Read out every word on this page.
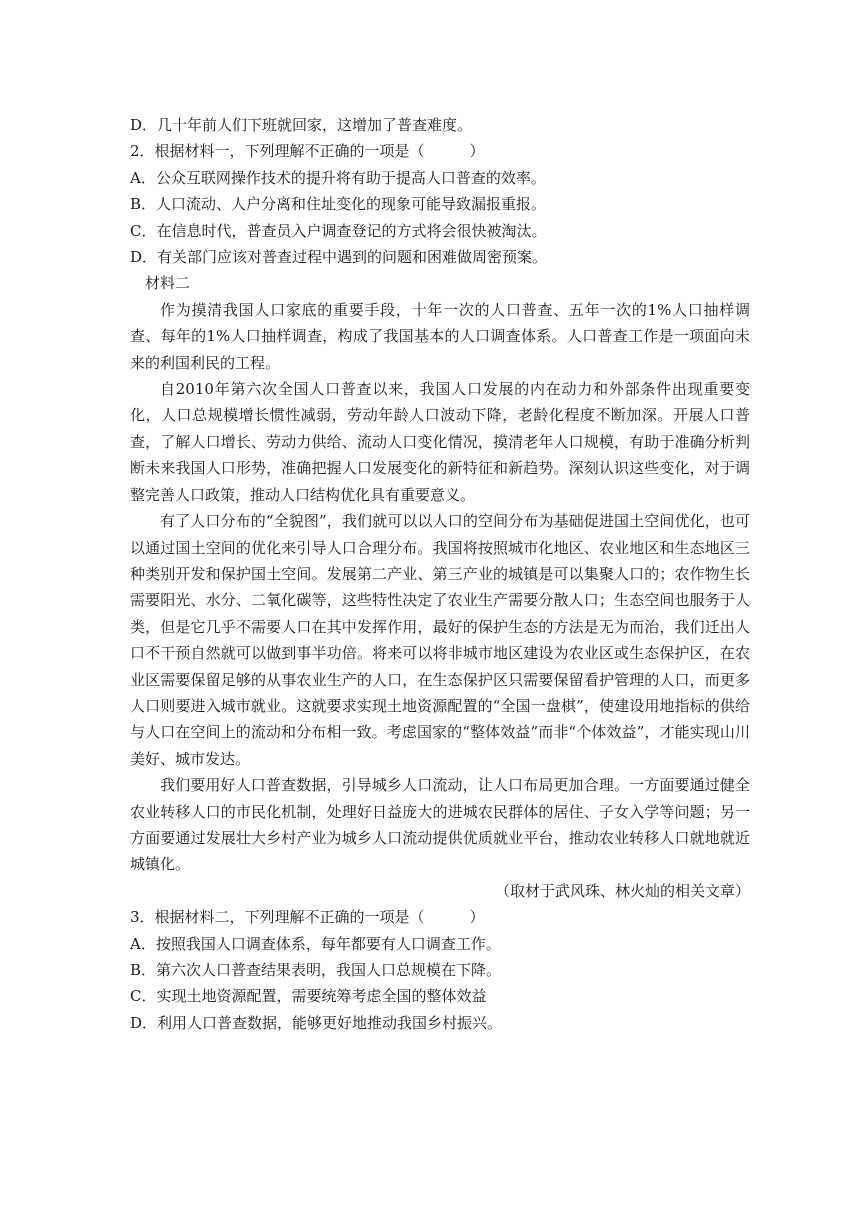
D．几十年前人们下班就回家，这增加了普查难度。

2．根据材料一，下列理解不正确的一项是（　　　）

A．公众互联网操作技术的提升将有助于提高人口普查的效率。

B．人口流动、人户分离和住址变化的现象可能导致漏报重报。

C．在信息时代，普查员入户调查登记的方式将会很快被淘汰。

D．有关部门应该对普查过程中遇到的问题和困难做周密预案。

材料二

作为摸清我国人口家底的重要手段，十年一次的人口普查、五年一次的1%人口抽样调查、每年的1%人口抽样调查，构成了我国基本的人口调查体系。人口普查工作是一项面向未来的利国利民的工程。

自2010年第六次全国人口普查以来，我国人口发展的内在动力和外部条件出现重要变化，人口总规模增长惯性减弱，劳动年龄人口波动下降，老龄化程度不断加深。开展人口普查，了解人口增长、劳动力供给、流动人口变化情况，摸清老年人口规模，有助于准确分析判断未来我国人口形势，准确把握人口发展变化的新特征和新趋势。深刻认识这些变化，对于调整完善人口政策，推动人口结构优化具有重要意义。

有了人口分布的“全貌图”，我们就可以以人口的空间分布为基础促进国土空间优化，也可以通过国土空间的优化来引导人口合理分布。我国将按照城市化地区、农业地区和生态地区三种类别开发和保护国土空间。发展第二产业、第三产业的城镇是可以集聚人口的；农作物生长需要阳光、水分、二氧化碳等，这些特性决定了农业生产需要分散人口；生态空间也服务于人类，但是它几乎不需要人口在其中发挥作用，最好的保护生态的方法是无为而治，我们迁出人口不干预自然就可以做到事半功倍。将来可以将非城市地区建设为农业区或生态保护区，在农业区需要保留足够的从事农业生产的人口，在生态保护区只需要保留看护管理的人口，而更多人口则要进入城市就业。这就要求实现土地资源配置的“全国一盘棋”，使建设用地指标的供给与人口在空间上的流动和分布相一致。考虑国家的“整体效益”而非“个体效益”，才能实现山川美好、城市发达。

我们要用好人口普查数据，引导城乡人口流动，让人口布局更加合理。一方面要通过健全农业转移人口的市民化机制，处理好日益庞大的进城农民群体的居住、子女入学等问题；另一方面要通过发展壮大乡村产业为城乡人口流动提供优质就业平台，推动农业转移人口就地就近城镇化。

（取材于武风珠、林火灿的相关文章）

3．根据材料二，下列理解不正确的一项是（　　　）

A．按照我国人口调查体系，每年都要有人口调查工作。

B．第六次人口普查结果表明，我国人口总规模在下降。

C．实现土地资源配置，需要统筹考虑全国的整体效益

D．利用人口普查数据，能够更好地推动我国乡村振兴。
